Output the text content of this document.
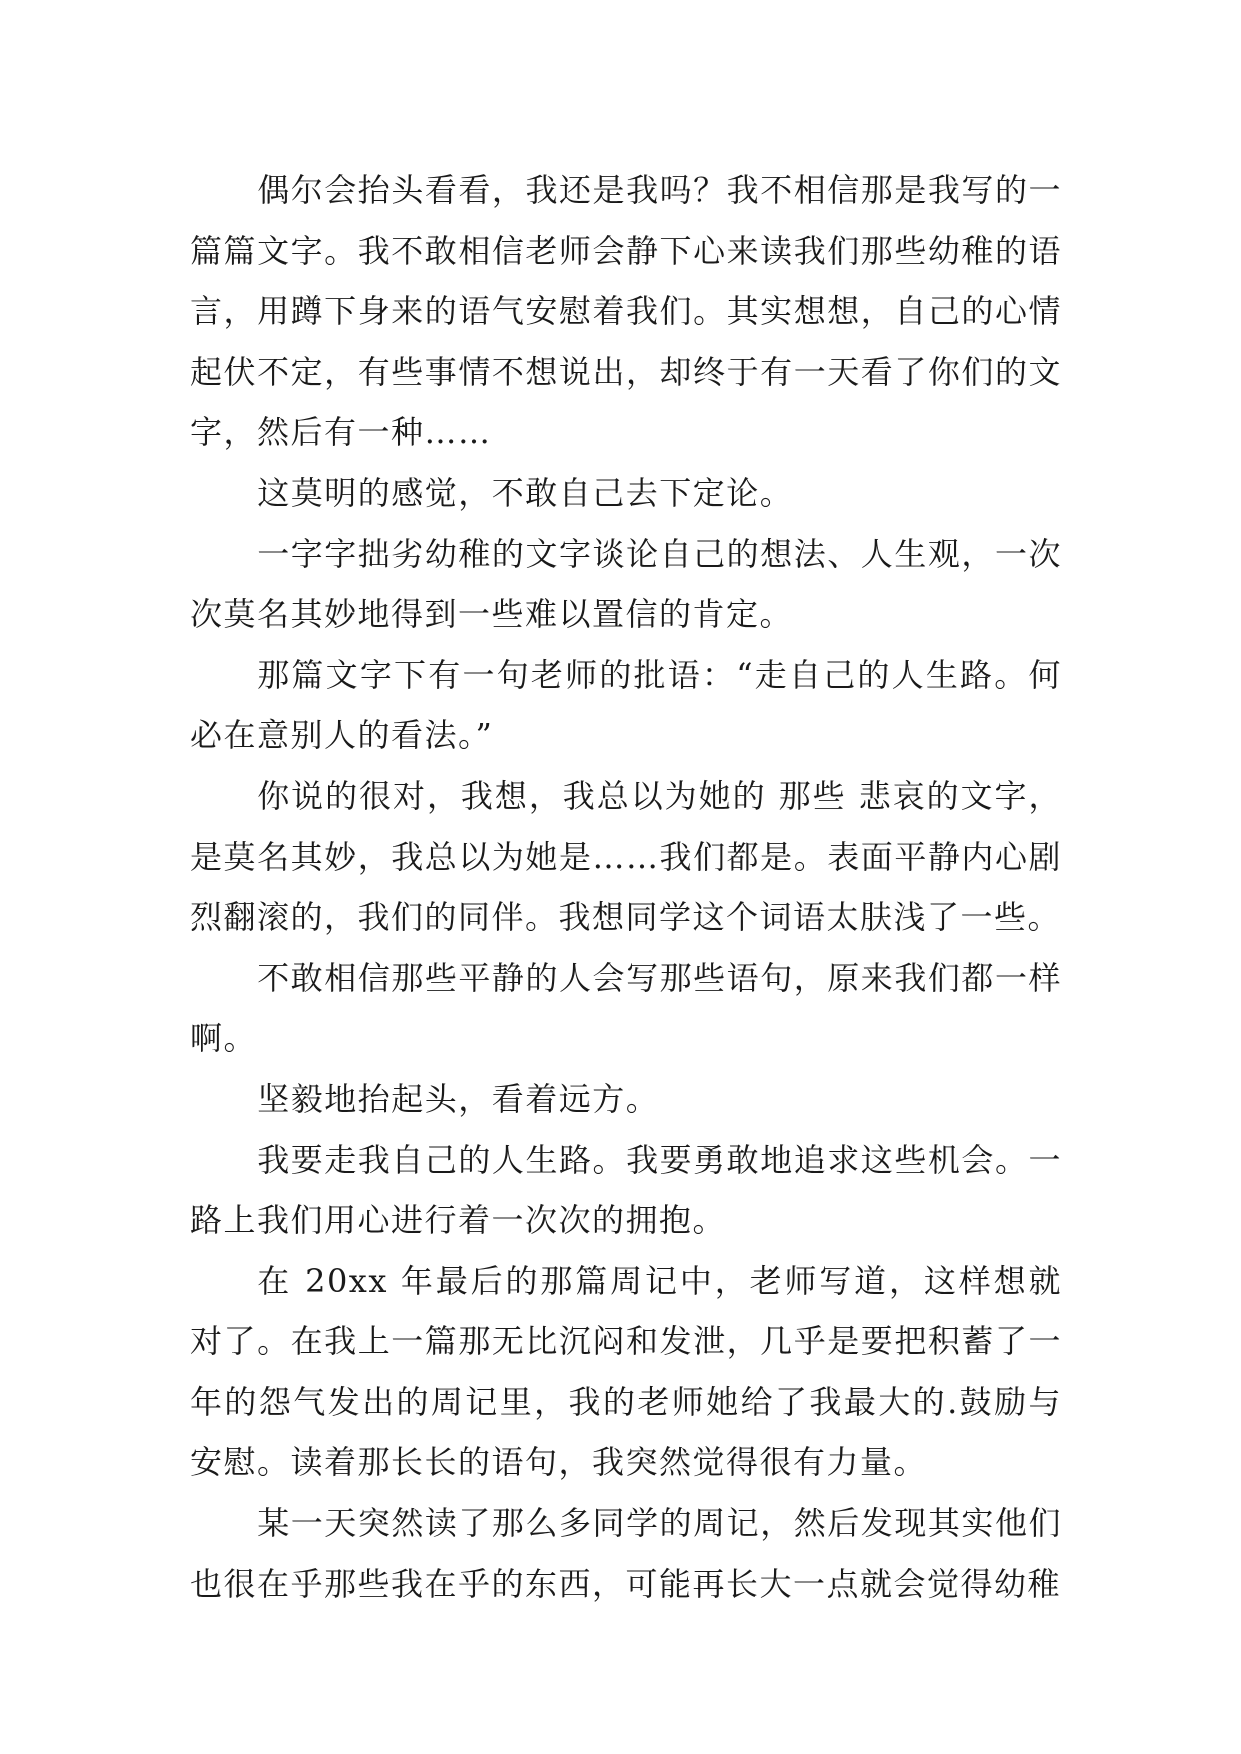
偶尔会抬头看看，我还是我吗？我不相信那是我写的一篇篇文字。我不敢相信老师会静下心来读我们那些幼稚的语言，用蹲下身来的语气安慰着我们。其实想想，自己的心情起伏不定，有些事情不想说出，却终于有一天看了你们的文字，然后有一种……

这莫明的感觉，不敢自己去下定论。

一字字拙劣幼稚的文字谈论自己的想法、人生观，一次次莫名其妙地得到一些难以置信的肯定。

那篇文字下有一句老师的批语：“走自己的人生路。何必在意别人的看法。”

你说的很对，我想，我总以为她的 那些 悲哀的文字，是莫名其妙，我总以为她是……我们都是。表面平静内心剧烈翻滚的，我们的同伴。我想同学这个词语太肤浅了一些。

不敢相信那些平静的人会写那些语句，原来我们都一样啊。

坚毅地抬起头，看着远方。

我要走我自己的人生路。我要勇敢地追求这些机会。一路上我们用心进行着一次次的拥抱。

在 20xx 年最后的那篇周记中，老师写道，这样想就对了。在我上一篇那无比沉闷和发泄，几乎是要把积蓄了一年的怨气发出的周记里，我的老师她给了我最大的.鼓励与安慰。读着那长长的语句，我突然觉得很有力量。

某一天突然读了那么多同学的周记，然后发现其实他们也很在乎那些我在乎的东西，可能再长大一点就会觉得幼稚
